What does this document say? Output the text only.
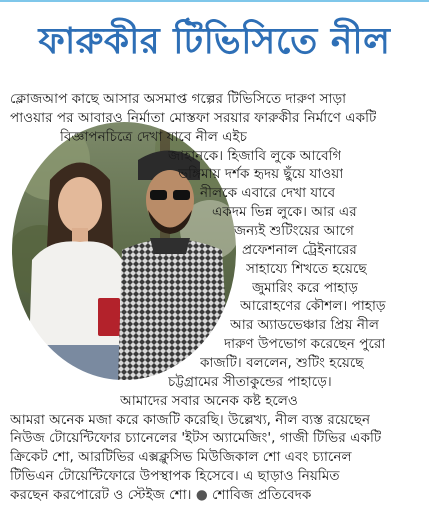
ফারুকীর টিভিসিতে নীল
ক্লোজআপ কাছে আসার অসমাপ্ত গল্পের টিভিসিতে দারুণ সাড়া
পাওয়ার পর আবারও নির্মাতা মোস্তফা সরয়ার ফারুকীর নির্মাণে একটি
বিজ্ঞাপনচিত্রে দেখা যাবে নীল এইচ
জাহানকে। হিজাবি লুকে আবেগি
ভঙ্গিমায় দর্শক হৃদয় ছুঁয়ে যাওয়া
নীলকে এবারে দেখা যাবে
একদম ভিন্ন লুকে। আর এর
জন্যই শুটিংয়ের আগে
প্রফেশনাল ট্রেইনারের
সাহায্যে শিখতে হয়েছে
জুমারিং করে পাহাড়
আরোহণের কৌশল। পাহাড়
আর অ্যাডভেঞ্চার প্রিয় নীল
দারুণ উপভোগ করেছেন পুরো
কাজটি। বললেন, শুটিং হয়েছে
চট্টগ্রামের সীতাকুন্ডের পাহাড়ে।
আমাদের সবার অনেক কষ্ট হলেও
আমরা অনেক মজা করে কাজটি করেছি। উল্লেখ্য, নীল ব্যস্ত রয়েছেন
নিউজ টোয়েন্টিফোর চ্যানেলের 'ইটস অ্যামেজিং', গাজী টিভির একটি
ক্রিকেট শো, আরটিভির এক্সক্লুসিভ মিউজিকাল শো এবং চ্যানেল
টিভিএন টোয়েন্টিফোরে উপস্থাপক হিসেবে। এ ছাড়াও নিয়মিত
করছেন করপোরেট ও স্টেইজ শো। ● শোবিজ প্রতিবেদক
